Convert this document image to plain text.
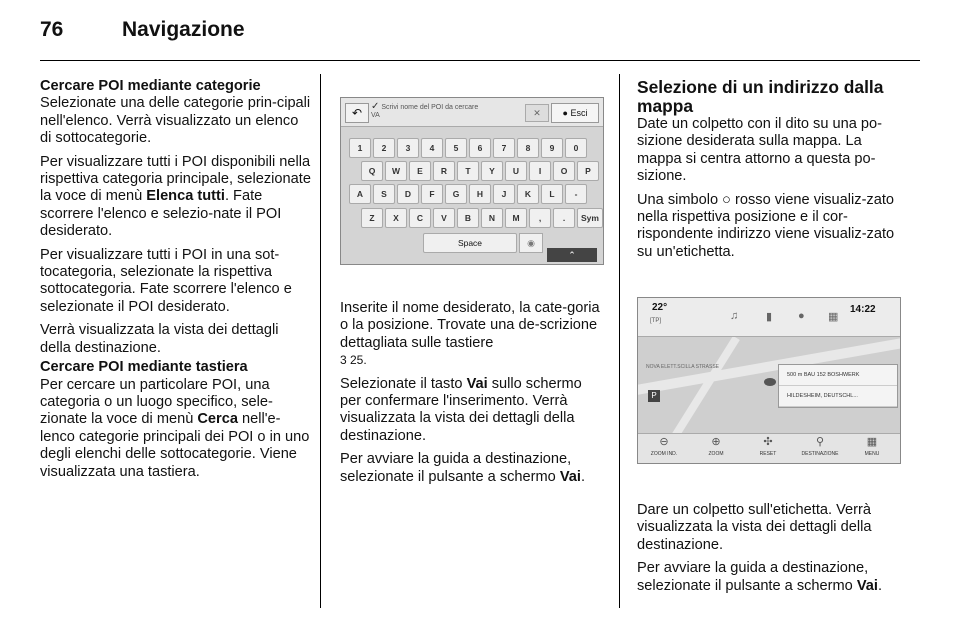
76	Navigazione
Cercare POI mediante categorie

Selezionate una delle categorie prin-cipali nell'elenco. Verrà visualizzato un elenco di sottocategorie.

Per visualizzare tutti i POI disponibili nella rispettiva categoria principale, selezionate la voce di menù Elenca tutti. Fate scorrere l'elenco e selezio-nate il POI desiderato.

Per visualizzare tutti i POI in una sot-tocategoria, selezionate la rispettiva sottocategoria. Fate scorrere l'elenco e selezionate il POI desiderato.

Verrà visualizzata la vista dei dettagli della destinazione.

Cercare POI mediante tastiera

Per cercare un particolare POI, una categoria o un luogo specifico, sele-zionate la voce di menù Cerca nell'e-lenco categorie principali dei POI o in uno degli elenchi delle sottocategorie. Viene visualizzata una tastiera.

↶ ✓ Scrivi nome del POI da cercare
VA	✕	● Esci
1	2	3	4	5	6	7	8	9	0
Q	W	E	R	T	Y	U	I	O	P
A	S	D	F	G	H	J	K	L	-
Z	X	C	V	B	N	M	,	.	Sym
Space	◉
⌃

Inserite il nome desiderato, la cate-goria o la posizione. Trovate una de-scrizione dettagliata sulle tastiere
3 25.

Selezionate il tasto Vai sullo schermo per confermare l'inserimento. Verrà visualizzata la vista dei dettagli della destinazione.

Per avviare la guida a destinazione, selezionate il pulsante a schermo Vai.

Selezione di un indirizzo dalla mappa

Date un colpetto con il dito su una po-sizione desiderata sulla mappa. La mappa si centra attorno a questa po-sizione.

Una simbolo ○ rosso viene visualiz-zato nella rispettiva posizione e il cor-rispondente indirizzo viene visualiz-zato su un'etichetta.

22°
[TP]	♫	▮ ● ▦
14:22
NOVA ELETT.SCILLA STRASSE
500 m BAU 152 BOSHWERK
HILDESHEIM, DEUTSCHL...
P
⊖
ZOOM IND.
⊕
ZOOM
✣
RESET
⚲
DESTINAZIONE
▦
MENU

Dare un colpetto sull'etichetta. Verrà visualizzata la vista dei dettagli della destinazione.

Per avviare la guida a destinazione, selezionate il pulsante a schermo Vai.
